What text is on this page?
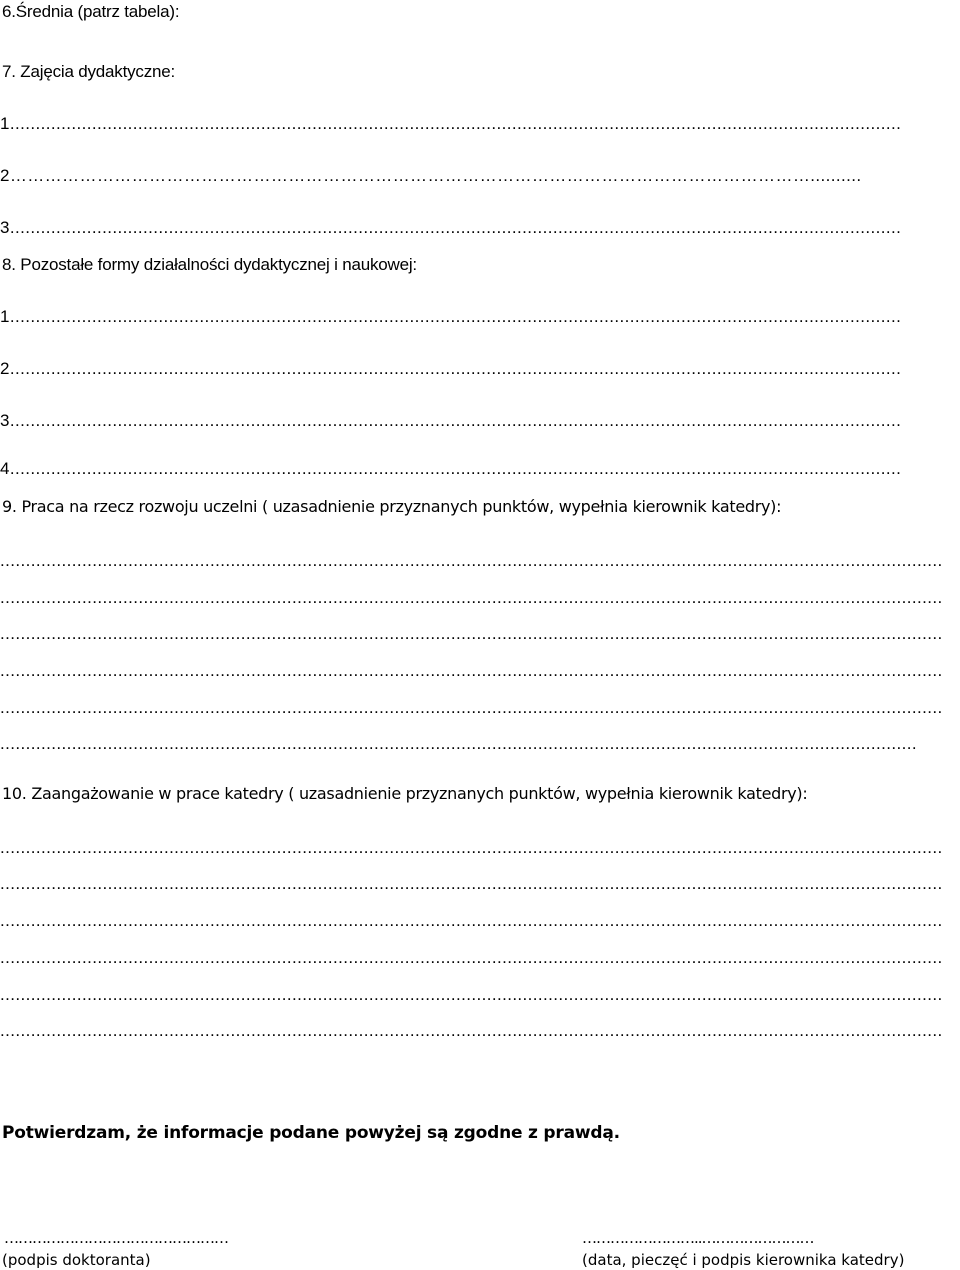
6.Średnia (patrz tabela):
7. Zajęcia dydaktyczne:
1..............................................................................................................................................................................
2…………………………………………………………………………………………………………………………..........
3..............................................................................................................................................................................
8. Pozostałe formy działalności dydaktycznej i naukowej:
1..............................................................................................................................................................................
2..............................................................................................................................................................................
3..............................................................................................................................................................................
4..............................................................................................................................................................................
9. Praca na rzecz rozwoju uczelni ( uzasadnienie przyznanych punktów, wypełnia kierownik katedry):
........................................................................................................................................................................................
........................................................................................................................................................................................
........................................................................................................................................................................................
........................................................................................................................................................................................
........................................................................................................................................................................................
...................................................................................................................................................................................
10. Zaangażowanie w prace katedry ( uzasadnienie przyznanych punktów, wypełnia kierownik katedry):
........................................................................................................................................................................................
........................................................................................................................................................................................
........................................................................................................................................................................................
........................................................................................................................................................................................
........................................................................................................................................................................................
........................................................................................................................................................................................
Potwierdzam, że informacje podane powyżej są zgodne z prawdą.
…………………………………………
(podpis doktoranta)
……………………..……………………
(data, pieczęć i podpis kierownika katedry)
